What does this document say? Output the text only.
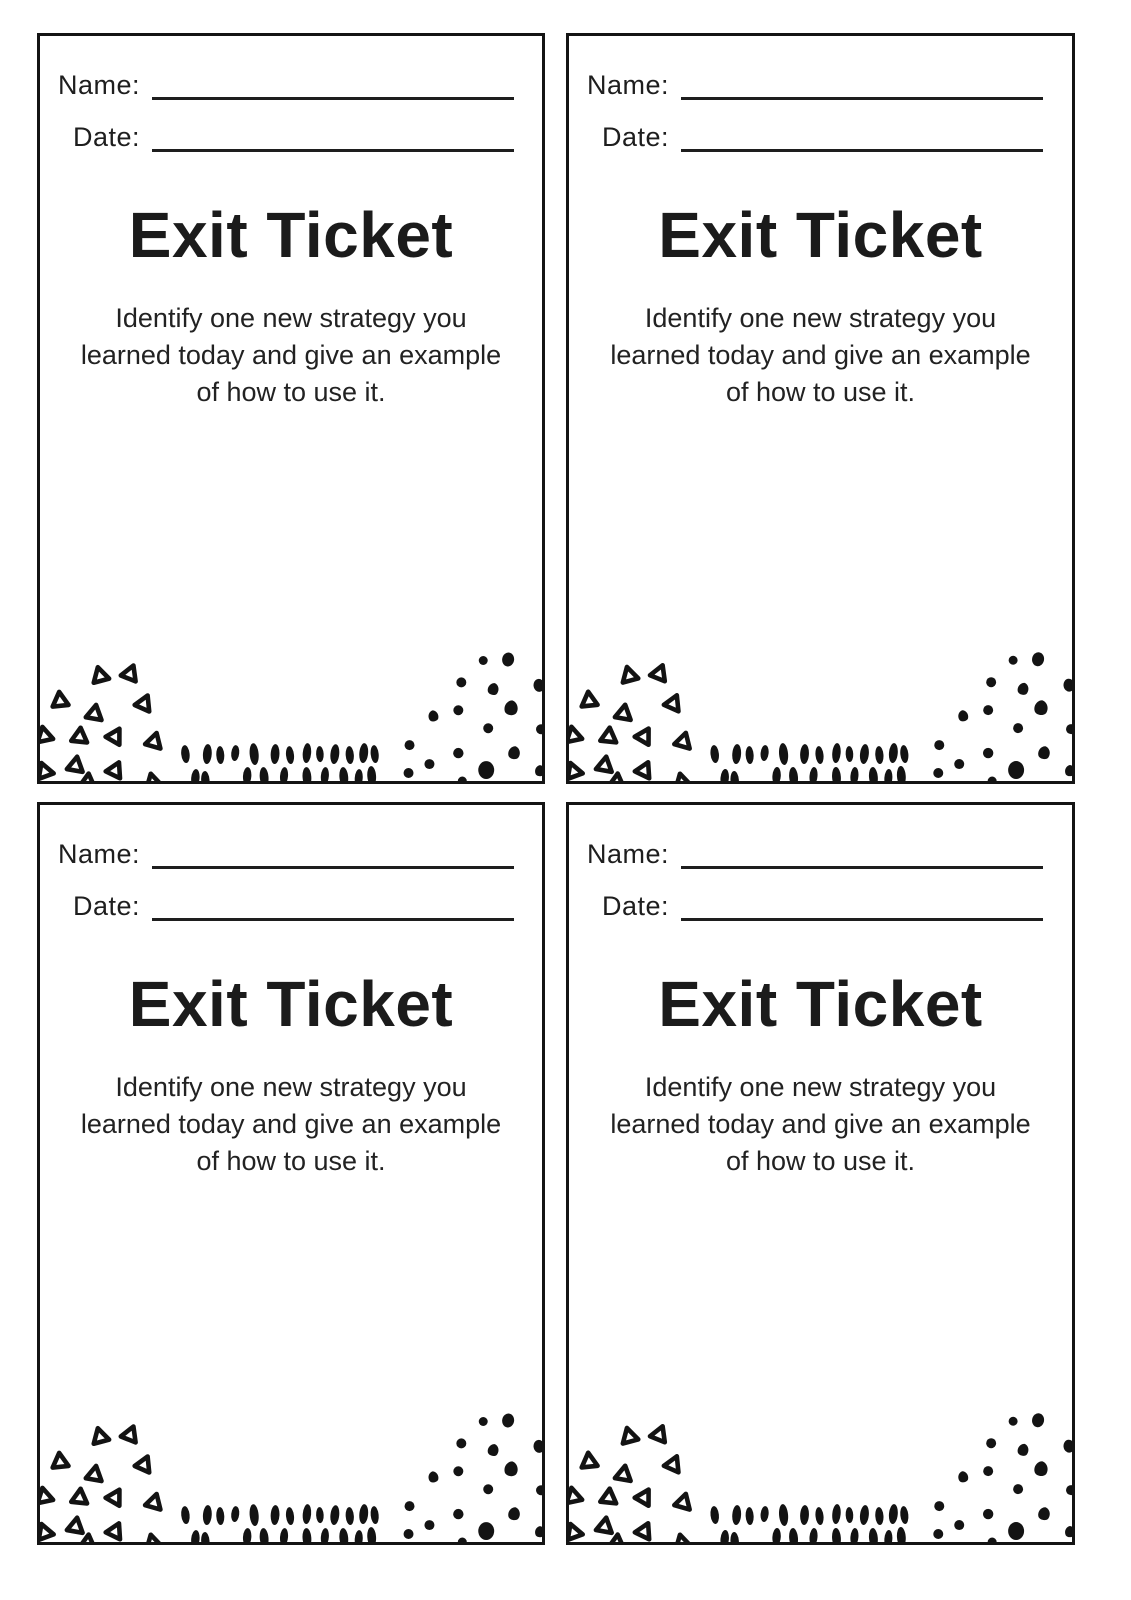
Name:
Date:
Exit Ticket

Identify one new strategy you
learned today and give an example
of how to use it.

Name:
Date:
Exit Ticket

Identify one new strategy you
learned today and give an example
of how to use it.

Name:
Date:
Exit Ticket

Identify one new strategy you
learned today and give an example
of how to use it.

Name:
Date:
Exit Ticket

Identify one new strategy you
learned today and give an example
of how to use it.
